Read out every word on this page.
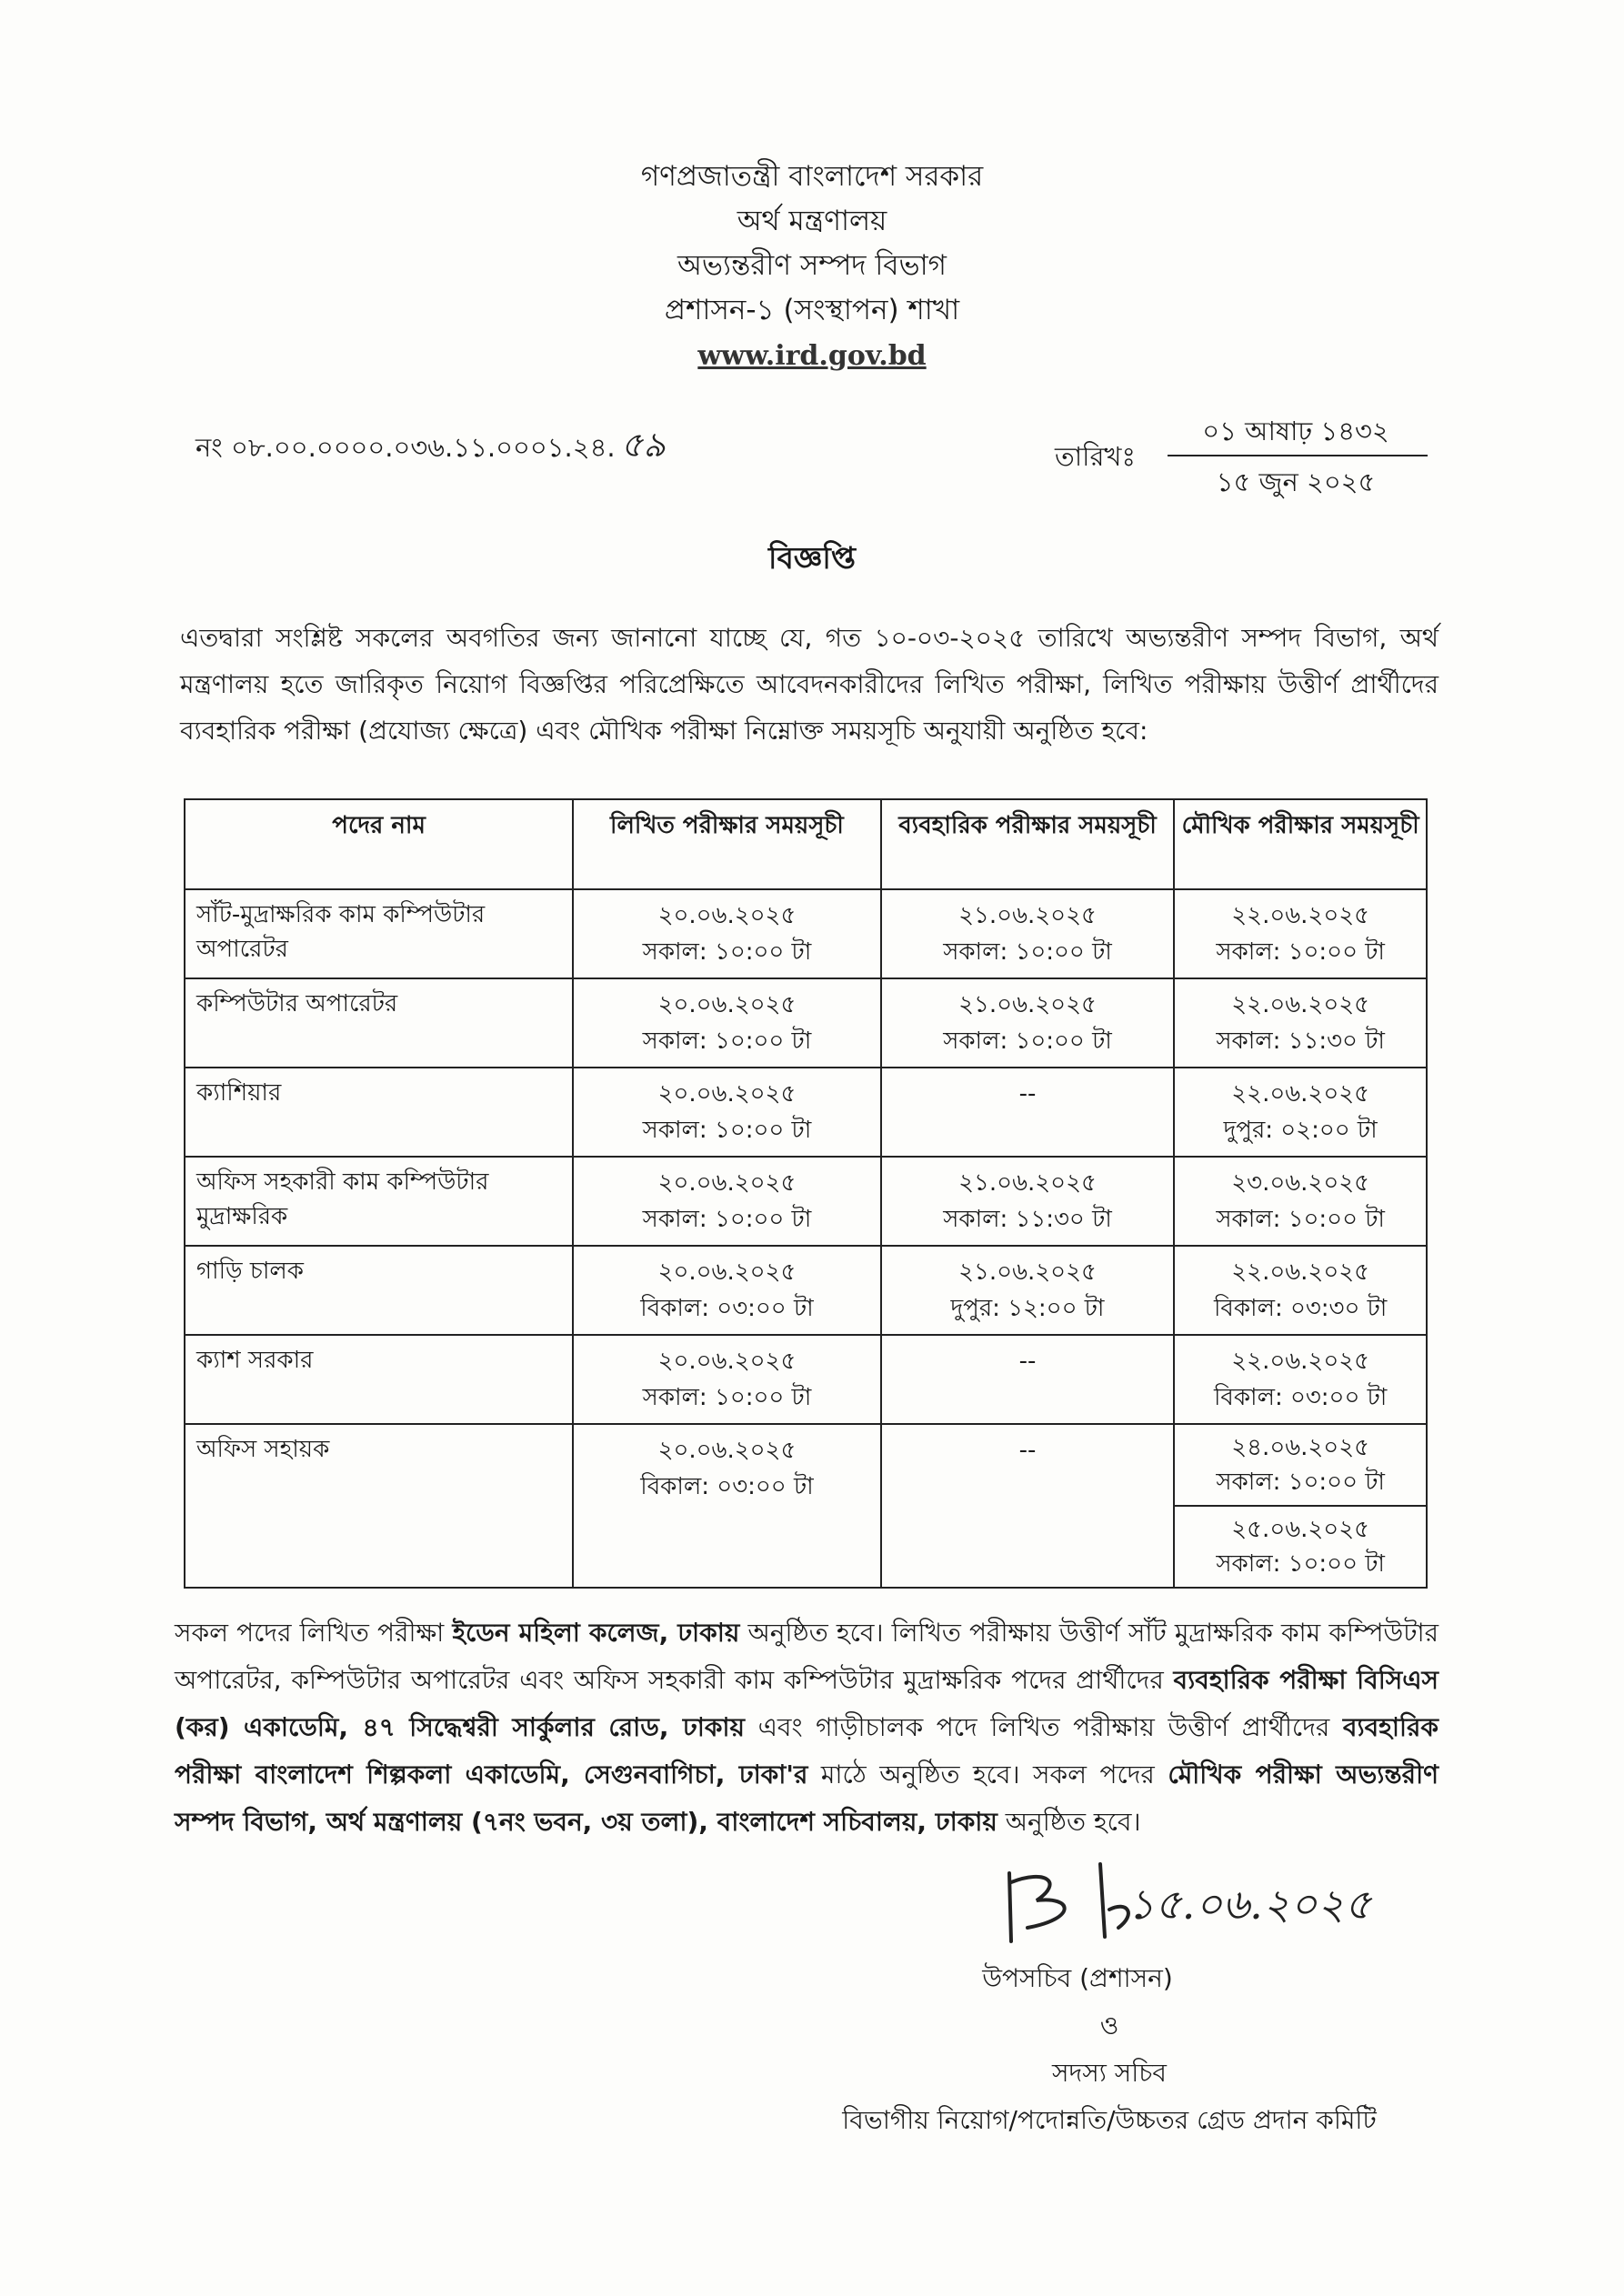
গণপ্রজাতন্ত্রী বাংলাদেশ সরকার
অর্থ মন্ত্রণালয়
অভ্যন্তরীণ সম্পদ বিভাগ
প্রশাসন-১ (সংস্থাপন) শাখা
www.ird.gov.bd
নং ০৮.০০.০০০০.০৩৬.১১.০০০১.২৪. ৫৯	তারিখঃ
০১ আষাঢ় ১৪৩২
১৫ জুন ২০২৫
বিজ্ঞপ্তি
এতদ্বারা সংশ্লিষ্ট সকলের অবগতির জন্য জানানো যাচ্ছে যে, গত ১০-০৩-২০২৫ তারিখে অভ্যন্তরীণ সম্পদ বিভাগ, অর্থ মন্ত্রণালয় হতে জারিকৃত নিয়োগ বিজ্ঞপ্তির পরিপ্রেক্ষিতে আবেদনকারীদের লিখিত পরীক্ষা, লিখিত পরীক্ষায় উত্তীর্ণ প্রার্থীদের ব্যবহারিক পরীক্ষা (প্রযোজ্য ক্ষেত্রে) এবং মৌখিক পরীক্ষা নিম্নোক্ত সময়সূচি অনুযায়ী অনুষ্ঠিত হবে:
পদের নাম	লিখিত পরীক্ষার সময়সূচী	ব্যবহারিক পরীক্ষার সময়সূচী	মৌখিক পরীক্ষার সময়সূচী
সাঁট-মুদ্রাক্ষরিক কাম কম্পিউটার অপারেটর	২০.০৬.২০২৫
সকাল: ১০:০০ টা	২১.০৬.২০২৫
সকাল: ১০:০০ টা	২২.০৬.২০২৫
সকাল: ১০:০০ টা

কম্পিউটার অপারেটর	২০.০৬.২০২৫
সকাল: ১০:০০ টা	২১.০৬.২০২৫
সকাল: ১০:০০ টা	২২.০৬.২০২৫
সকাল: ১১:৩০ টা

ক্যাশিয়ার	২০.০৬.২০২৫
সকাল: ১০:০০ টা	--	২২.০৬.২০২৫
দুপুর: ০২:০০ টা

অফিস সহকারী কাম কম্পিউটার মুদ্রাক্ষরিক	২০.০৬.২০২৫
সকাল: ১০:০০ টা	২১.০৬.২০২৫
সকাল: ১১:৩০ টা	২৩.০৬.২০২৫
সকাল: ১০:০০ টা

গাড়ি চালক	২০.০৬.২০২৫
বিকাল: ০৩:০০ টা	২১.০৬.২০২৫
দুপুর: ১২:০০ টা	২২.০৬.২০২৫
বিকাল: ০৩:৩০ টা

ক্যাশ সরকার	২০.০৬.২০২৫
সকাল: ১০:০০ টা	--	২২.০৬.২০২৫
বিকাল: ০৩:০০ টা

অফিস সহায়ক	২০.০৬.২০২৫
বিকাল: ০৩:০০ টা	--	২৪.০৬.২০২৫
সকাল: ১০:০০ টা

			২৫.০৬.২০২৫
সকাল: ১০:০০ টা
সকল পদের লিখিত পরীক্ষা ইডেন মহিলা কলেজ, ঢাকায় অনুষ্ঠিত হবে। লিখিত পরীক্ষায় উত্তীর্ণ সাঁট মুদ্রাক্ষরিক কাম কম্পিউটার অপারেটর, কম্পিউটার অপারেটর এবং অফিস সহকারী কাম কম্পিউটার মুদ্রাক্ষরিক পদের প্রার্থীদের ব্যবহারিক পরীক্ষা বিসিএস (কর) একাডেমি, ৪৭ সিদ্ধেশ্বরী সার্কুলার রোড, ঢাকায় এবং গাড়ীচালক পদে লিখিত পরীক্ষায় উত্তীর্ণ প্রার্থীদের ব্যবহারিক পরীক্ষা বাংলাদেশ শিল্পকলা একাডেমি, সেগুনবাগিচা, ঢাকা'র মাঠে অনুষ্ঠিত হবে। সকল পদের মৌখিক পরীক্ষা অভ্যন্তরীণ সম্পদ বিভাগ, অর্থ মন্ত্রণালয় (৭নং ভবন, ৩য় তলা), বাংলাদেশ সচিবালয়, ঢাকায় অনুষ্ঠিত হবে।
১৫.০৬.২০২৫
উপসচিব (প্রশাসন)
ও
সদস্য সচিব
বিভাগীয় নিয়োগ/পদোন্নতি/উচ্চতর গ্রেড প্রদান কমিটি
